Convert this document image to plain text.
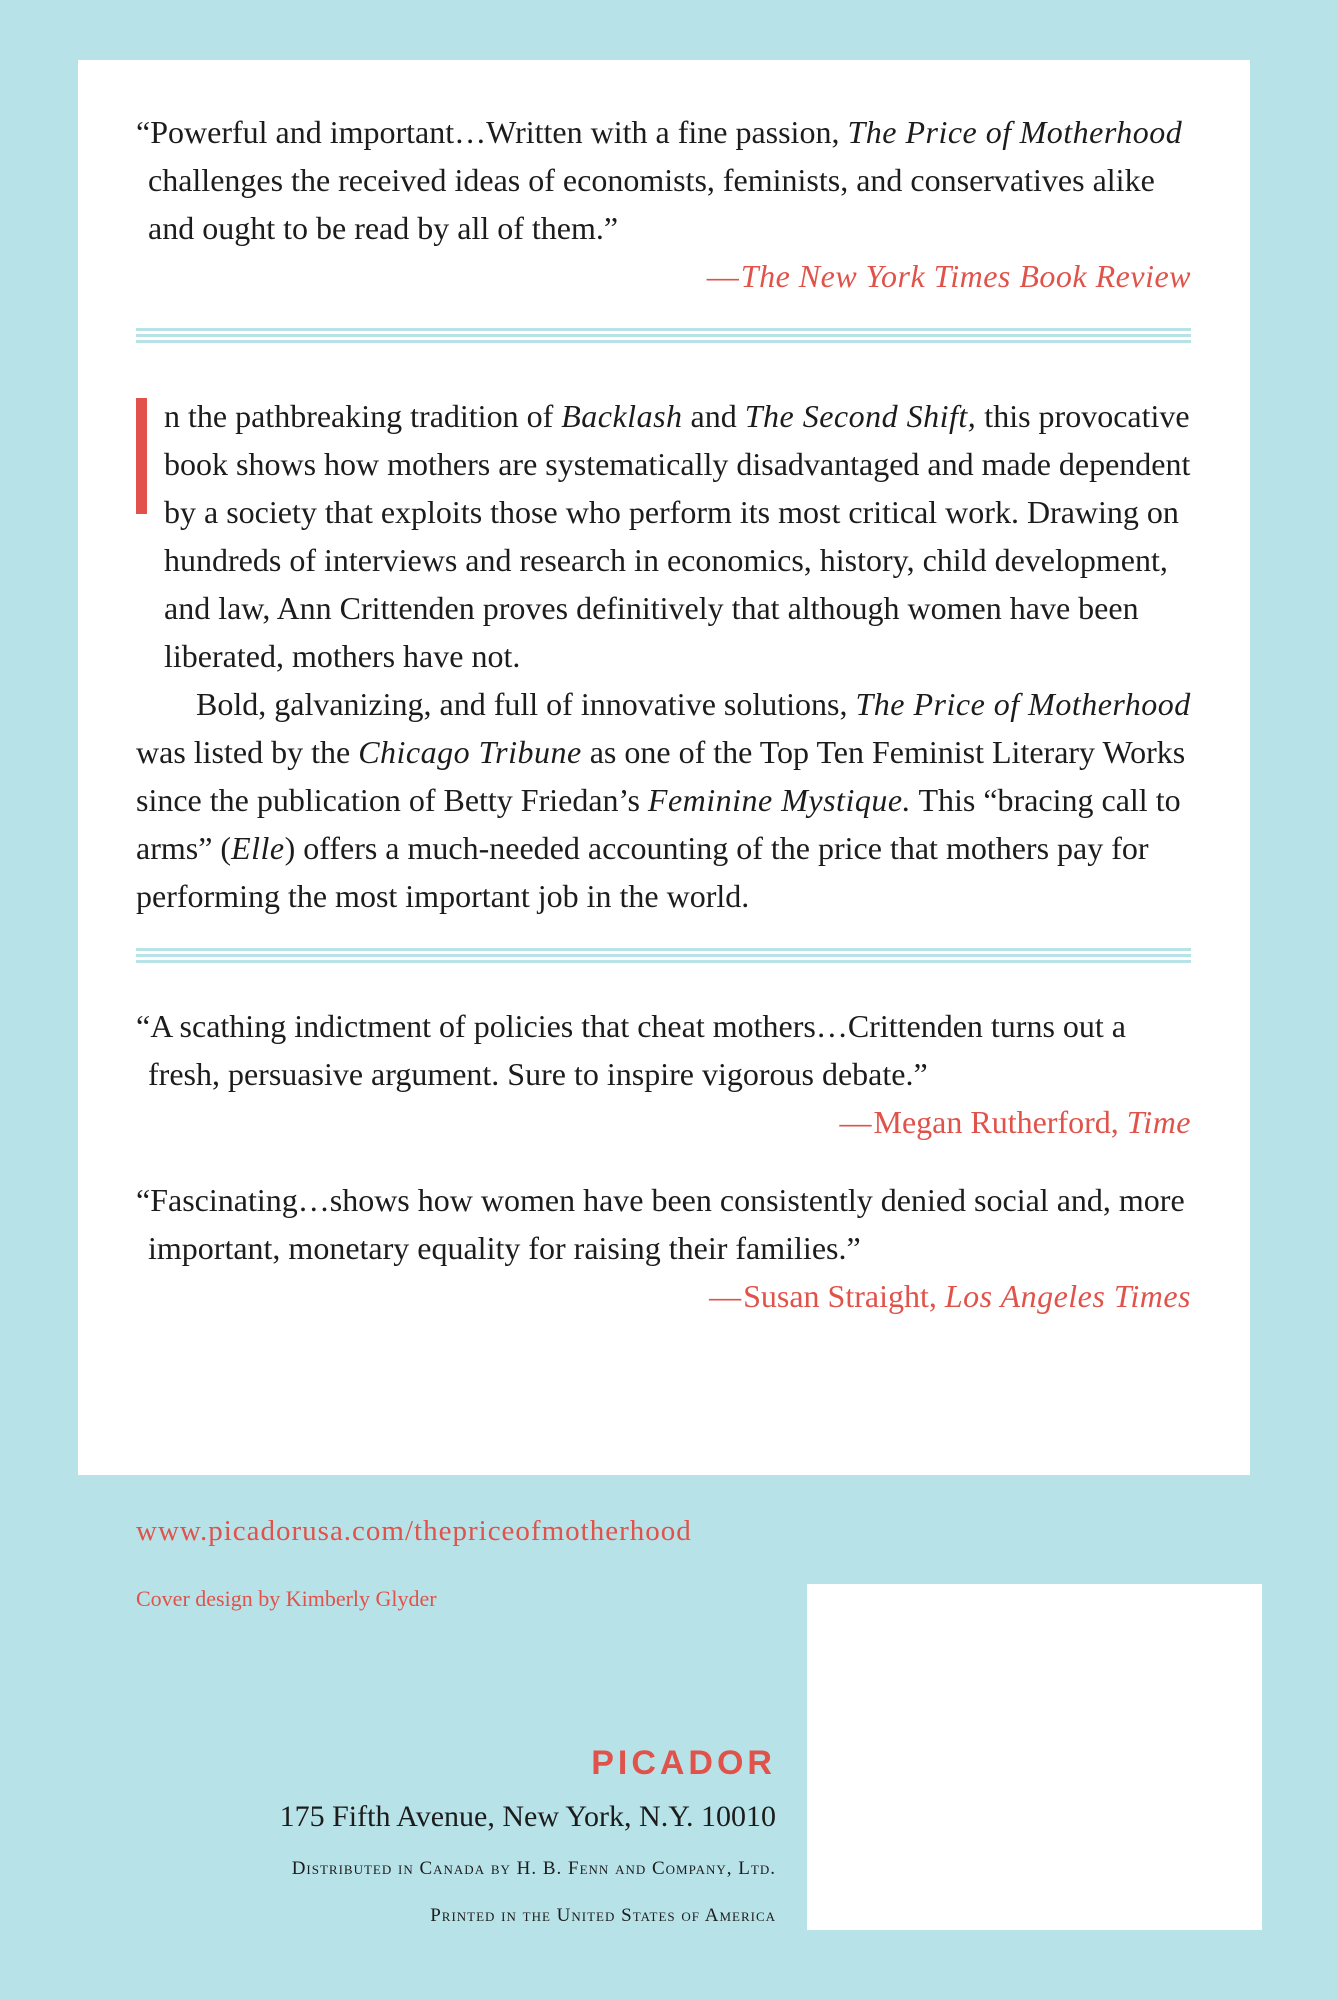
“Powerful and important…Written with a fine passion, The Price of Motherhood challenges the received ideas of economists, feminists, and conservatives alike and ought to be read by all of them.”

—The New York Times Book Review

n the pathbreaking tradition of Backlash and The Second Shift, this provocative book shows how mothers are systematically disadvantaged and made dependent by a society that exploits those who perform its most critical work. Drawing on hundreds of interviews and research in economics, history, child development, and law, Ann Crittenden proves definitively that although women have been liberated, mothers have not.

Bold, galvanizing, and full of innovative solutions, The Price of Motherhood was listed by the Chicago Tribune as one of the Top Ten Feminist Literary Works since the publication of Betty Friedan’s Feminine Mystique. This “bracing call to arms” (Elle) offers a much-needed accounting of the price that mothers pay for performing the most important job in the world.

“A scathing indictment of policies that cheat mothers…Crittenden turns out a fresh, persuasive argument. Sure to inspire vigorous debate.”

—Megan Rutherford, Time

“Fascinating…shows how women have been consistently denied social and, more important, monetary equality for raising their families.”

—Susan Straight, Los Angeles Times

www.picadorusa.com/thepriceofmotherhood
Cover design by Kimberly Glyder
PICADOR
175 Fifth Avenue, New York, N.Y. 10010
Distributed in Canada by H. B. Fenn and Company, Ltd.
Printed in the United States of America
